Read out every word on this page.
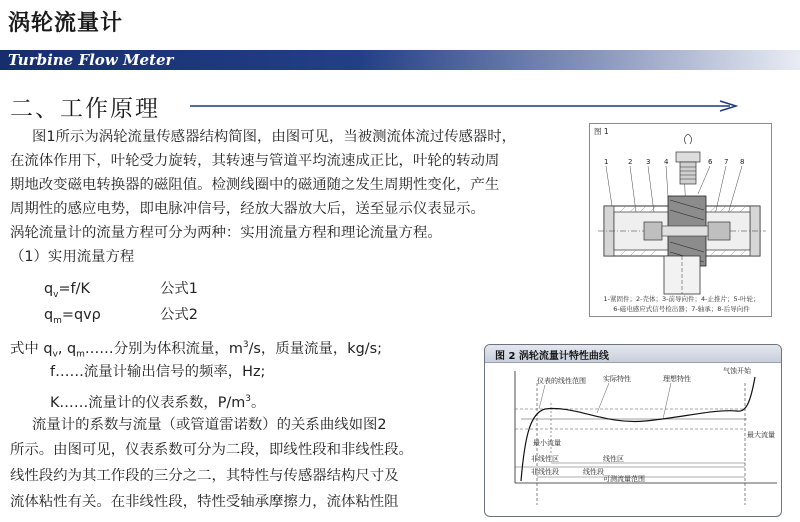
涡轮流量计
Turbine Flow Meter
二、工作原理
图1所示为涡轮流量传感器结构简图，由图可见，当被测流体流过传感器时，
在流体作用下，叶轮受力旋转，其转速与管道平均流速成正比，叶轮的转动周
期地改变磁电转换器的磁阻值。检测线圈中的磁通随之发生周期性变化，产生
周期性的感应电势，即电脉冲信号，经放大器放大后，送至显示仪表显示。
涡轮流量计的流量方程可分为两种：实用流量方程和理论流量方程。
（1）实用流量方程
$q_v=f/K$	公式1
$q_m=qv\rho$	公式2
式中 $q_v$, $q_m\dots\dots$分别为体积流量，$m^3/s$，质量流量，kg/s;
f……流量计输出信号的频率，Hz;
K……流量计的仪表系数，$P/m^3$。
流量计的系数与流量（或管道雷诺数）的关系曲线如图2
所示。由图可见，仪表系数可分为二段，即线性段和非线性段。
线性段约为其工作段的三分之二，其特性与传感器结构尺寸及
流体粘性有关。在非线性段，特性受轴承摩擦力，流体粘性阻
图 1
1	2 3 4	6 7 8
1-紧固件；2-壳体；3-前导向件；4-止推片；5-叶轮；
6-磁电感应式信号检出器；7-轴承；8-后导向件
图 2 涡轮流量计特性曲线
仪表的线性范围 实际特性	理想特性
气蚀开始
最小流量
最大流量
非线性区	线性区
非线性段	线性段
可测流量范围
